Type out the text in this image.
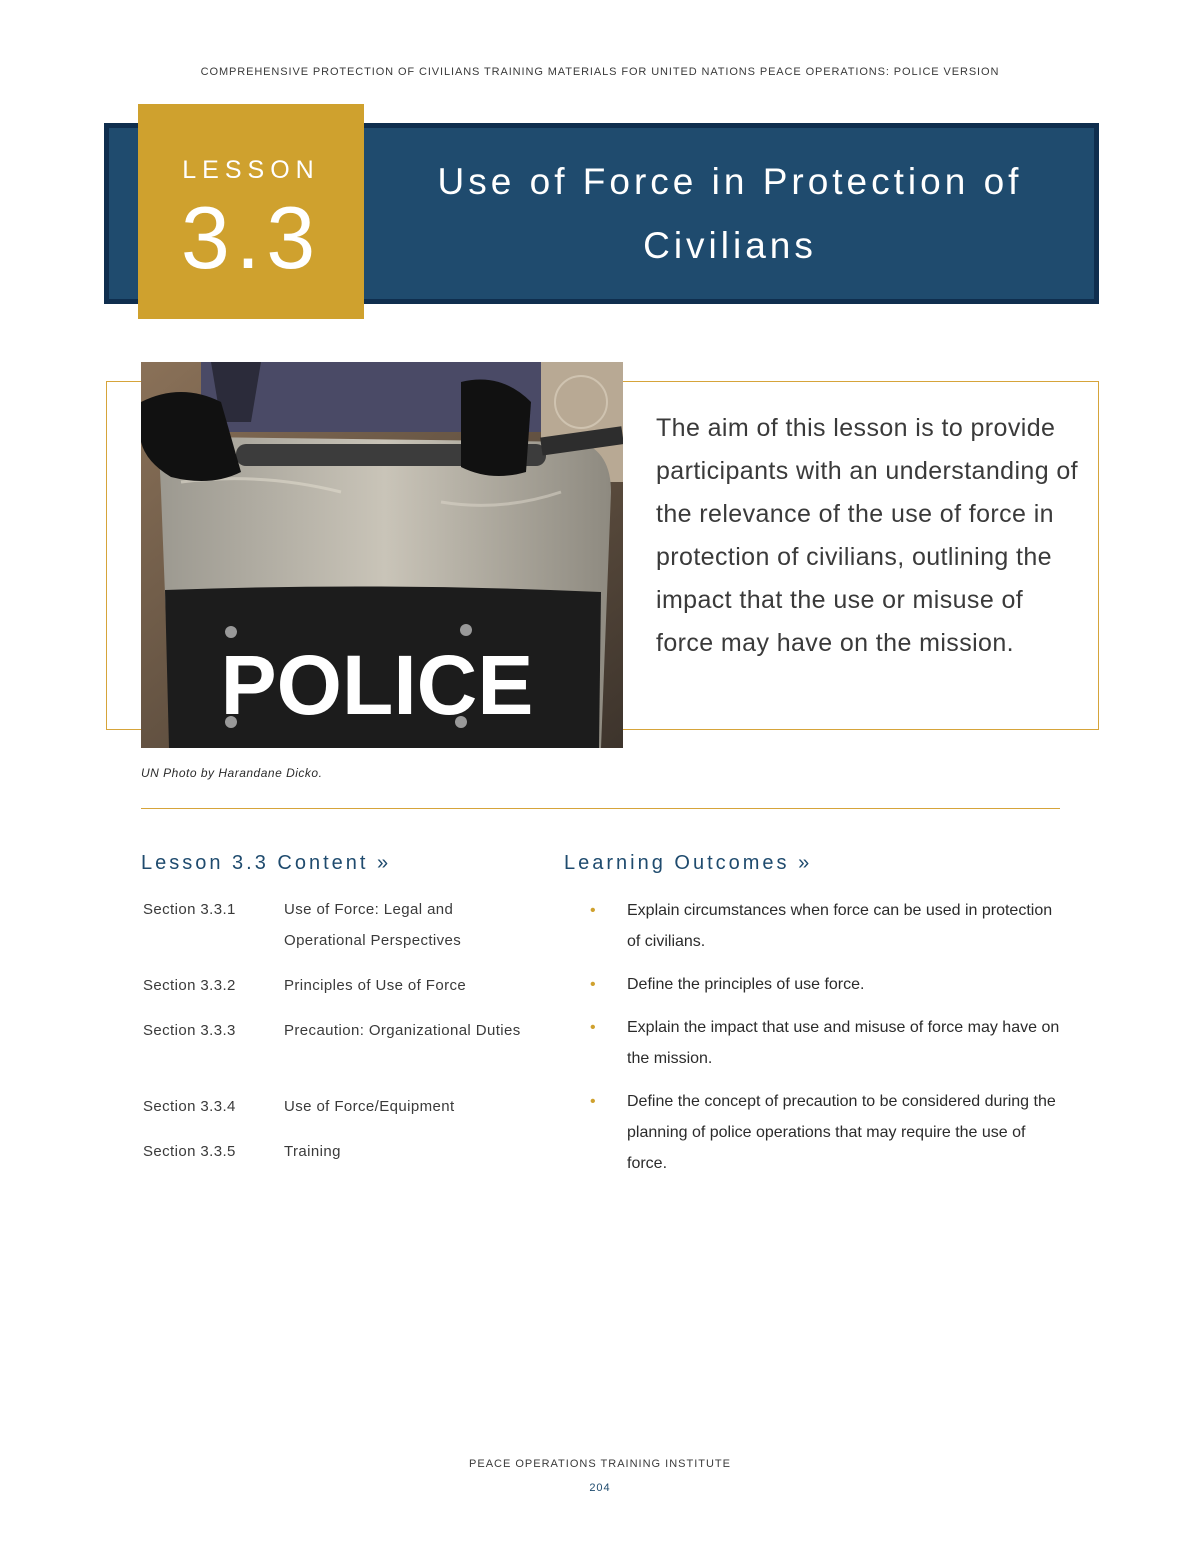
COMPREHENSIVE PROTECTION OF CIVILIANS TRAINING MATERIALS FOR UNITED NATIONS PEACE OPERATIONS: POLICE VERSION
LESSON
3.3
Use of Force in Protection of Civilians
POLICE
The aim of this lesson is to provide participants with an understanding of the relevance of the use of force in protection of civilians, outlining the impact that the use or misuse of force may have on the mission.
UN Photo by Harandane Dicko.
Lesson 3.3 Content »
Section 3.3.1	Use of Force: Legal and Operational Perspectives
Section 3.3.2	Principles of Use of Force
Section 3.3.3	Precaution: Organizational Duties
Section 3.3.4	Use of Force/Equipment
Section 3.3.5	Training
Learning Outcomes »
• Explain circumstances when force can be used in protection of civilians.
• Define the principles of use force.
• Explain the impact that use and misuse of force may have on the mission.
• Define the concept of precaution to be considered during the planning of police operations that may require the use of force.
PEACE OPERATIONS TRAINING INSTITUTE
204
